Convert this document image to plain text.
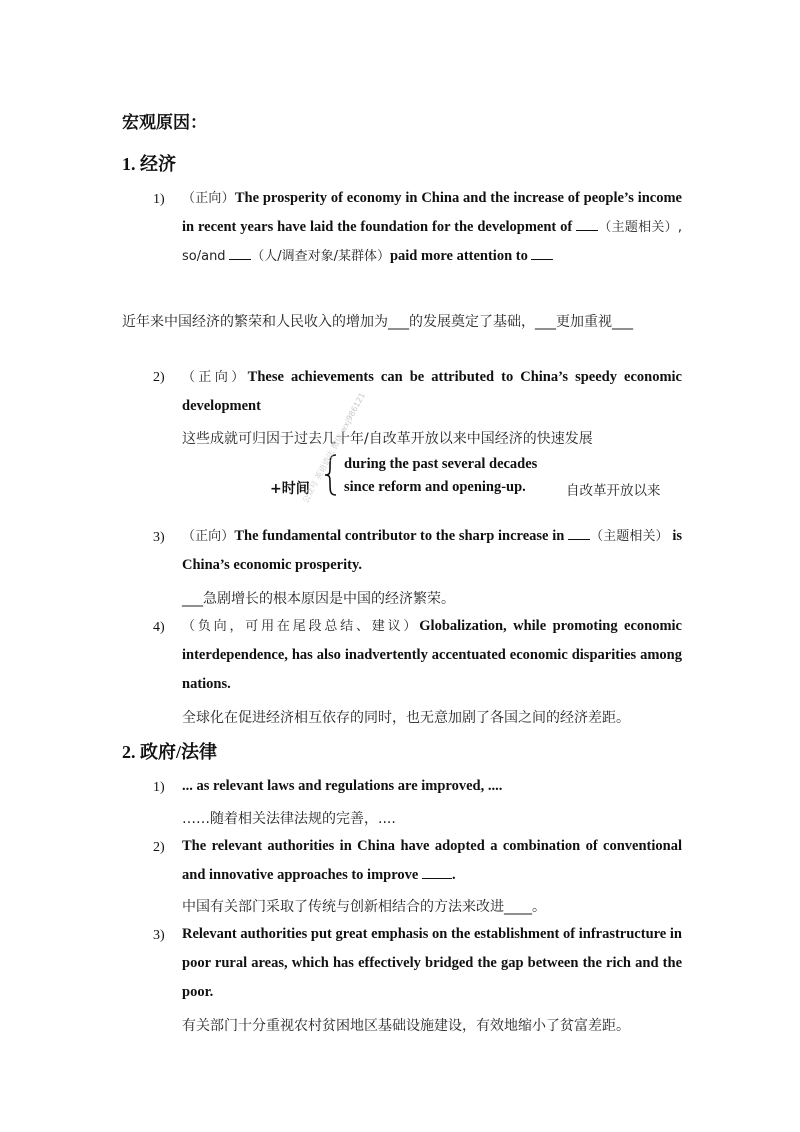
宏观原因：
1. 经济
1) （正向）The prosperity of economy in China and the increase of people’s income in recent years have laid the foundation for the development of （主题相关）, so/and （人/调查对象/某群体）paid more attention to
近年来中国经济的繁荣和人民收入的增加为___的发展奠定了基础，___更加重视___
2) （正向）These achievements can be attributed to China’s speedy economic development
这些成就可归因于过去几十年/自改革开放以来中国经济的快速发展
+时间
during the past several decades
since reform and opening-up.	自改革开放以来
3) （正向）The fundamental contributor to the sharp increase in （主题相关） is China’s economic prosperity.
___急剧增长的根本原因是中国的经济繁荣。
4) （负向，可用在尾段总结、建议）Globalization, while promoting economic interdependence, has also inadvertently accentuated economic disparities among nations.
全球化在促进经济相互依存的同时，也无意加剧了各国之间的经济差距。
2. 政府/法律
1) ... as relevant laws and regulations are improved, ....
……随着相关法律法规的完善，....
2) The relevant authorities in China have adopted a combination of conventional and innovative approaches to improve .
中国有关部门采取了传统与创新相结合的方法来改进____。
3) Relevant authorities put great emphasis on the establishment of infrastructure in poor rural areas, which has effectively bridged the gap between the rich and the poor.
有关部门十分重视农村贫困地区基础设施建设，有效地缩小了贫富差距。
公众号 英语语法 微信 wxj986121
